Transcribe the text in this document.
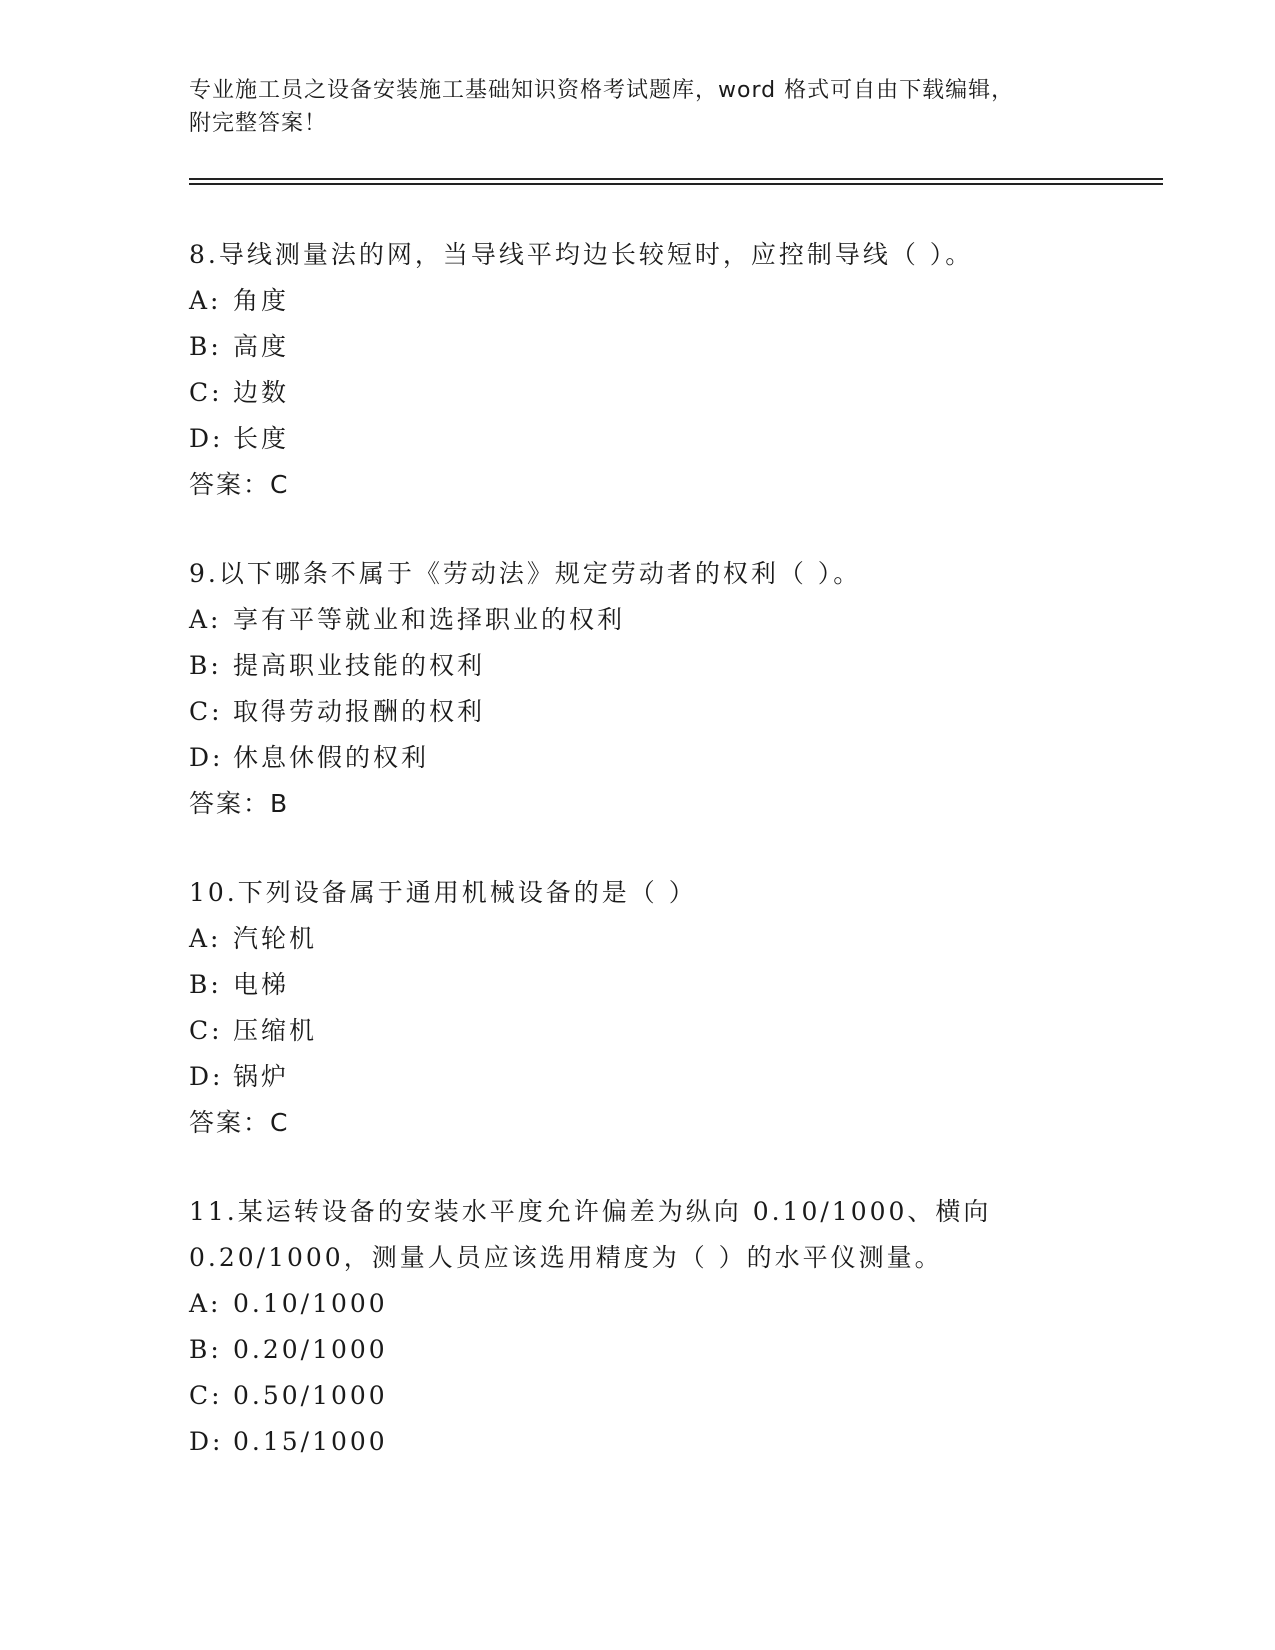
专业施工员之设备安装施工基础知识资格考试题库，word 格式可自由下载编辑，
附完整答案！
8.导线测量法的网，当导线平均边长较短时，应控制导线（ ）。
A: 角度
B: 高度
C: 边数
D: 长度
答案：C
9.以下哪条不属于《劳动法》规定劳动者的权利（ ）。
A: 享有平等就业和选择职业的权利
B: 提高职业技能的权利
C: 取得劳动报酬的权利
D: 休息休假的权利
答案：B
10.下列设备属于通用机械设备的是（ ）
A: 汽轮机
B: 电梯
C: 压缩机
D: 锅炉
答案：C
11.某运转设备的安装水平度允许偏差为纵向 0.10/1000、横向
0.20/1000，测量人员应该选用精度为（ ）的水平仪测量。
A: 0.10/1000
B: 0.20/1000
C: 0.50/1000
D: 0.15/1000
